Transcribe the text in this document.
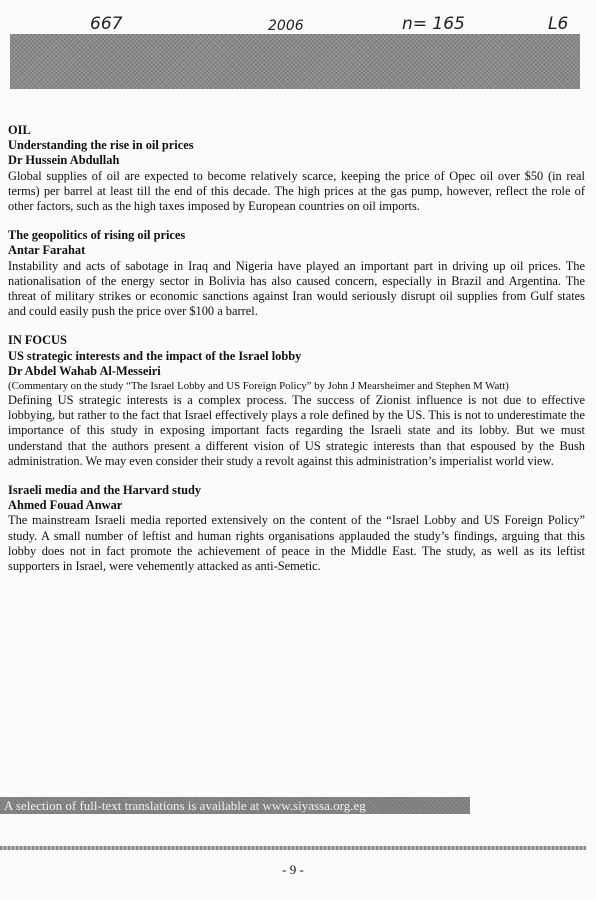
667	2006	n= 165	L6
OIL
Understanding the rise in oil prices
Dr Hussein Abdullah
Global supplies of oil are expected to become relatively scarce, keeping the price of Opec oil over $50 (in real terms) per barrel at least till the end of this decade. The high prices at the gas pump, however, reflect the role of other factors, such as the high taxes imposed by European countries on oil imports.
The geopolitics of rising oil prices
Antar Farahat
Instability and acts of sabotage in Iraq and Nigeria have played an important part in driving up oil prices. The nationalisation of the energy sector in Bolivia has also caused concern, especially in Brazil and Argentina. The threat of military strikes or economic sanctions against Iran would seriously disrupt oil supplies from Gulf states and could easily push the price over $100 a barrel.
IN FOCUS
US strategic interests and the impact of the Israel lobby
Dr Abdel Wahab Al-Messeiri
(Commentary on the study “The Israel Lobby and US Foreign Policy” by John J Mearsheimer and Stephen M Watt)
Defining US strategic interests is a complex process. The success of Zionist influence is not due to effective lobbying, but rather to the fact that Israel effectively plays a role defined by the US. This is not to underestimate the importance of this study in exposing important facts regarding the Israeli state and its lobby. But we must understand that the authors present a different vision of US strategic interests than that espoused by the Bush administration. We may even consider their study a revolt against this administration’s imperialist world view.
Israeli media and the Harvard study
Ahmed Fouad Anwar
The mainstream Israeli media reported extensively on the content of the “Israel Lobby and US Foreign Policy” study. A small number of leftist and human rights organisations applauded the study’s findings, arguing that this lobby does not in fact promote the achievement of peace in the Middle East. The study, as well as its leftist supporters in Israel, were vehemently attacked as anti-Semetic.
A selection of full-text translations is available at www.siyassa.org.eg
- 9 -
